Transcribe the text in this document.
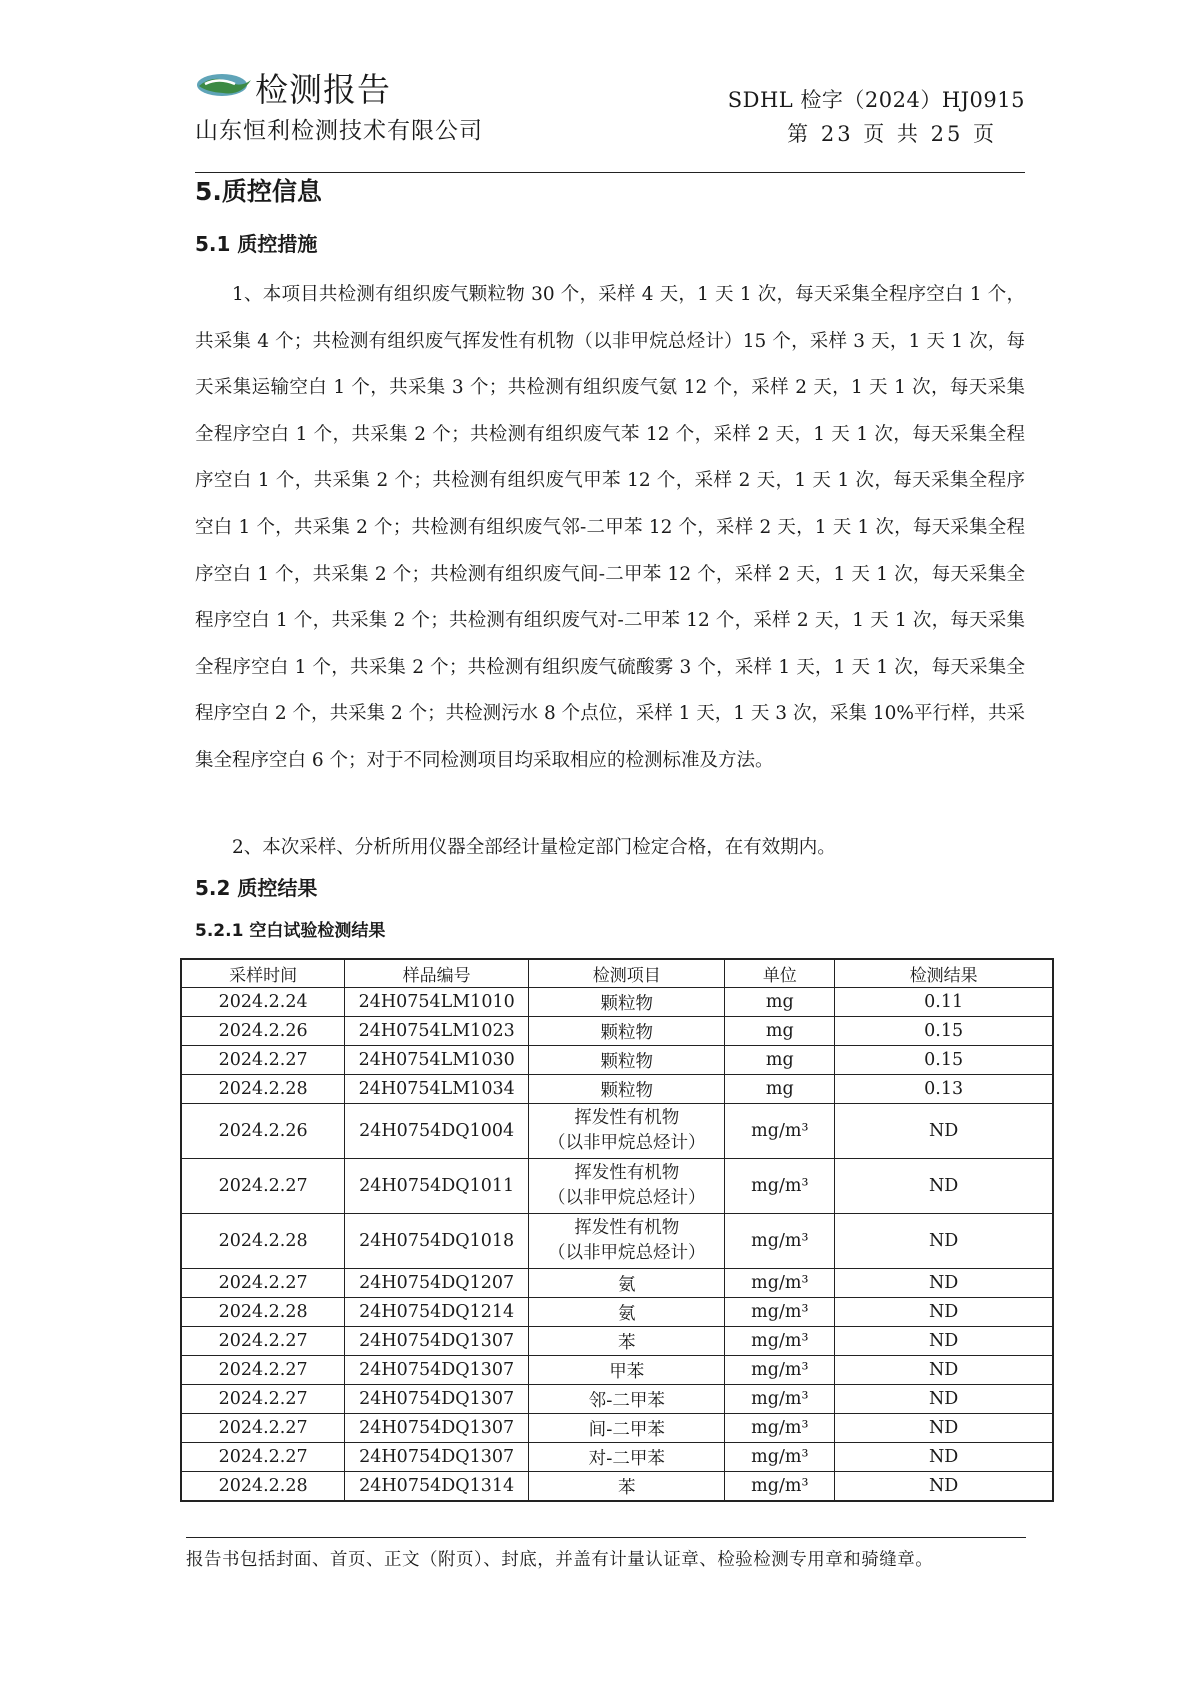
检测报告
山东恒利检测技术有限公司
SDHL 检字（2024）HJ0915
第 23 页 共 25 页
5.质控信息
5.1 质控措施

1、本项目共检测有组织废气颗粒物 30 个，采样 4 天，1 天 1 次，每天采集全程序空白 1 个，共采集 4 个；共检测有组织废气挥发性有机物（以非甲烷总烃计）15 个，采样 3 天，1 天 1 次，每天采集运输空白 1 个，共采集 3 个；共检测有组织废气氨 12 个，采样 2 天，1 天 1 次，每天采集全程序空白 1 个，共采集 2 个；共检测有组织废气苯 12 个，采样 2 天，1 天 1 次，每天采集全程序空白 1 个，共采集 2 个；共检测有组织废气甲苯 12 个，采样 2 天，1 天 1 次，每天采集全程序空白 1 个，共采集 2 个；共检测有组织废气邻-二甲苯 12 个，采样 2 天，1 天 1 次，每天采集全程序空白 1 个，共采集 2 个；共检测有组织废气间-二甲苯 12 个，采样 2 天，1 天 1 次，每天采集全程序空白 1 个，共采集 2 个；共检测有组织废气对-二甲苯 12 个，采样 2 天，1 天 1 次，每天采集全程序空白 1 个，共采集 2 个；共检测有组织废气硫酸雾 3 个，采样 1 天，1 天 1 次，每天采集全程序空白 2 个，共采集 2 个；共检测污水 8 个点位，采样 1 天，1 天 3 次，采集 10%平行样，共采集全程序空白 6 个；对于不同检测项目均采取相应的检测标准及方法。

2、本次采样、分析所用仪器全部经计量检定部门检定合格，在有效期内。

5.2 质控结果
5.2.1 空白试验检测结果
采样时间	样品编号	检测项目	单位	检测结果
2024.2.24	24H0754LM1010	颗粒物	mg	0.11
2024.2.26	24H0754LM1023	颗粒物	mg	0.15
2024.2.27	24H0754LM1030	颗粒物	mg	0.15
2024.2.28	24H0754LM1034	颗粒物	mg	0.13
2024.2.26	24H0754DQ1004	挥发性有机物
（以非甲烷总烃计）	mg/m³	ND
2024.2.27	24H0754DQ1011	挥发性有机物
（以非甲烷总烃计）	mg/m³	ND
2024.2.28	24H0754DQ1018	挥发性有机物
（以非甲烷总烃计）	mg/m³	ND
2024.2.27	24H0754DQ1207	氨	mg/m³	ND
2024.2.28	24H0754DQ1214	氨	mg/m³	ND
2024.2.27	24H0754DQ1307	苯	mg/m³	ND
2024.2.27	24H0754DQ1307	甲苯	mg/m³	ND
2024.2.27	24H0754DQ1307	邻-二甲苯	mg/m³	ND
2024.2.27	24H0754DQ1307	间-二甲苯	mg/m³	ND
2024.2.27	24H0754DQ1307	对-二甲苯	mg/m³	ND
2024.2.28	24H0754DQ1314	苯	mg/m³	ND
报告书包括封面、首页、正文（附页）、封底，并盖有计量认证章、检验检测专用章和骑缝章。
